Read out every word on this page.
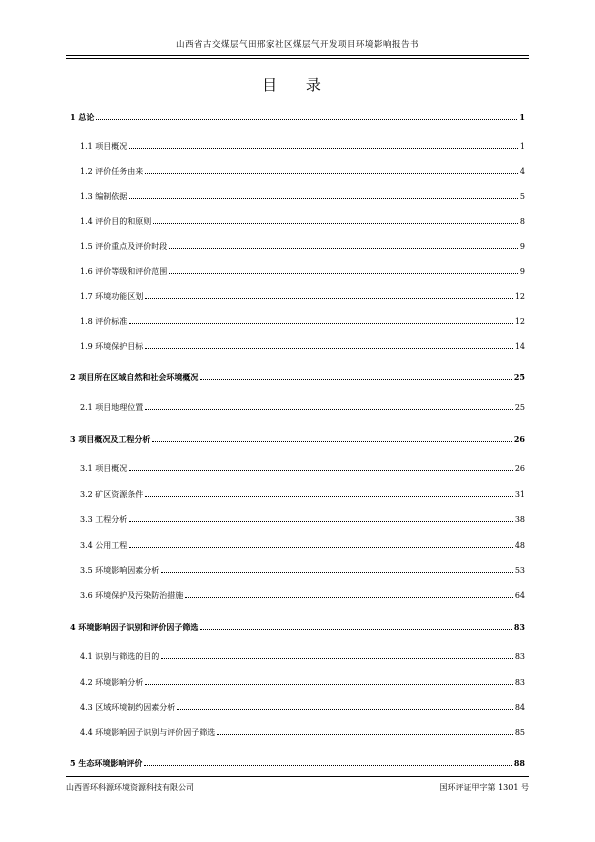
山西省古交煤层气田邢家社区煤层气开发项目环境影响报告书
目 录
1 总论	1
1.1 项目概况	1
1.2 评价任务由来	4
1.3 编制依据	5
1.4 评价目的和原则	8
1.5 评价重点及评价时段	9
1.6 评价等级和评价范围	9
1.7 环境功能区划	12
1.8 评价标准	12
1.9 环境保护目标	14
2 项目所在区域自然和社会环境概况	25
2.1 项目地理位置	25
3 项目概况及工程分析	26
3.1 项目概况	26
3.2 矿区资源条件	31
3.3 工程分析	38
3.4 公用工程	48
3.5 环境影响因素分析	53
3.6 环境保护及污染防治措施	64
4 环境影响因子识别和评价因子筛选	83
4.1 识别与筛选的目的	83
4.2 环境影响分析	83
4.3 区域环境制约因素分析	84
4.4 环境影响因子识别与评价因子筛选	85
5 生态环境影响评价	88
山西晋环科源环境资源科技有限公司	国环评证甲字第 1301 号
